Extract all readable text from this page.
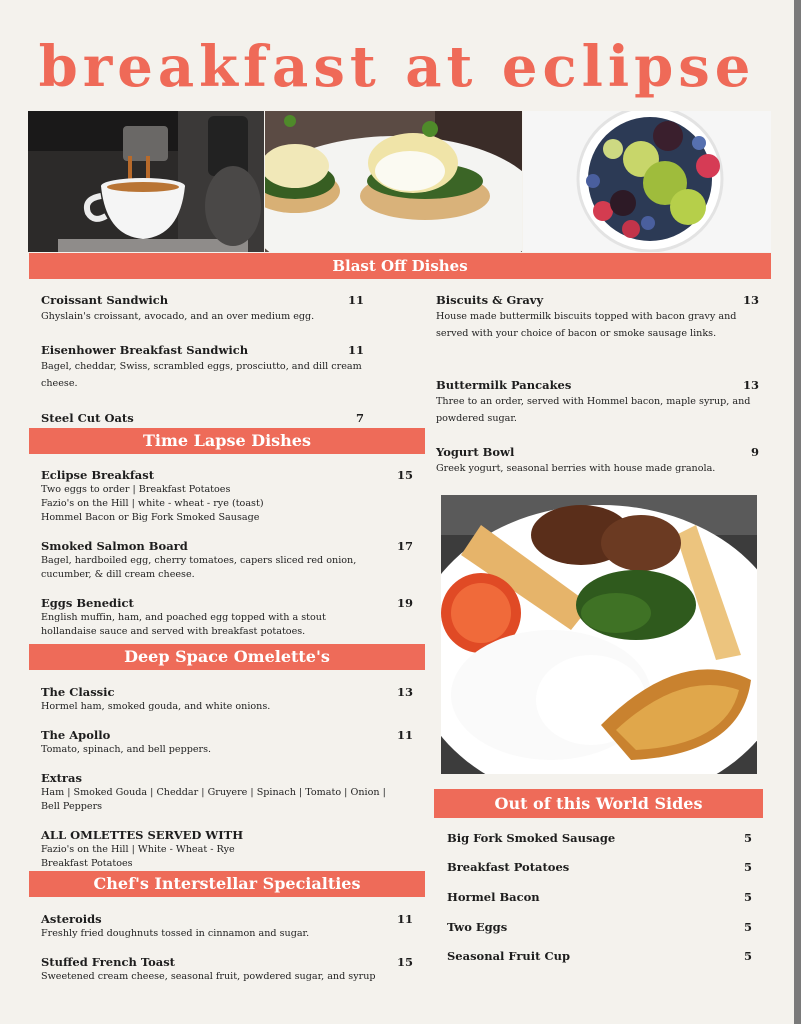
breakfast at eclipse
Blast Off Dishes
Time Lapse Dishes
Deep Space Omelette's
Chef's Interstellar Specialties
Out of this World Sides
Croissant Sandwich	11
Ghyslain's croissant, avocado, and an over medium egg.
Eisenhower Breakfast Sandwich	11
Bagel, cheddar, Swiss, scrambled eggs, prosciutto, and dill cream cheese.
Steel Cut Oats	7
Biscuits & Gravy	13
House made buttermilk biscuits topped with bacon gravy and served with your choice of bacon or smoke sausage links.
Buttermilk Pancakes	13
Three to an order, served with Hommel bacon, maple syrup, and powdered sugar.
Yogurt Bowl	9
Greek yogurt, seasonal berries with house made granola.
Eclipse Breakfast	15
Two eggs to order | Breakfast Potatoes
Fazio's on the Hill | white - wheat - rye (toast)
Hommel Bacon or Big Fork Smoked Sausage
Smoked Salmon Board	17
Bagel, hardboiled egg, cherry tomatoes, capers sliced red onion, cucumber, & dill cream cheese.
Eggs Benedict	19
English muffin, ham, and poached egg topped with a stout hollandaise sauce and served with breakfast potatoes.
The Classic	13
Hormel ham, smoked gouda, and white onions.
The Apollo	11
Tomato, spinach, and bell peppers.
Extras
Ham | Smoked Gouda | Cheddar | Gruyere | Spinach | Tomato | Onion | Bell Peppers
ALL OMLETTES SERVED WITH
Fazio's on the Hill | White - Wheat - Rye
Breakfast Potatoes
Asteroids	11
Freshly fried doughnuts tossed in cinnamon and sugar.
Stuffed French Toast	15
Sweetened cream cheese, seasonal fruit, powdered sugar, and syrup
Big Fork Smoked Sausage	5
Breakfast Potatoes	5
Hormel Bacon	5
Two Eggs	5
Seasonal Fruit Cup	5
